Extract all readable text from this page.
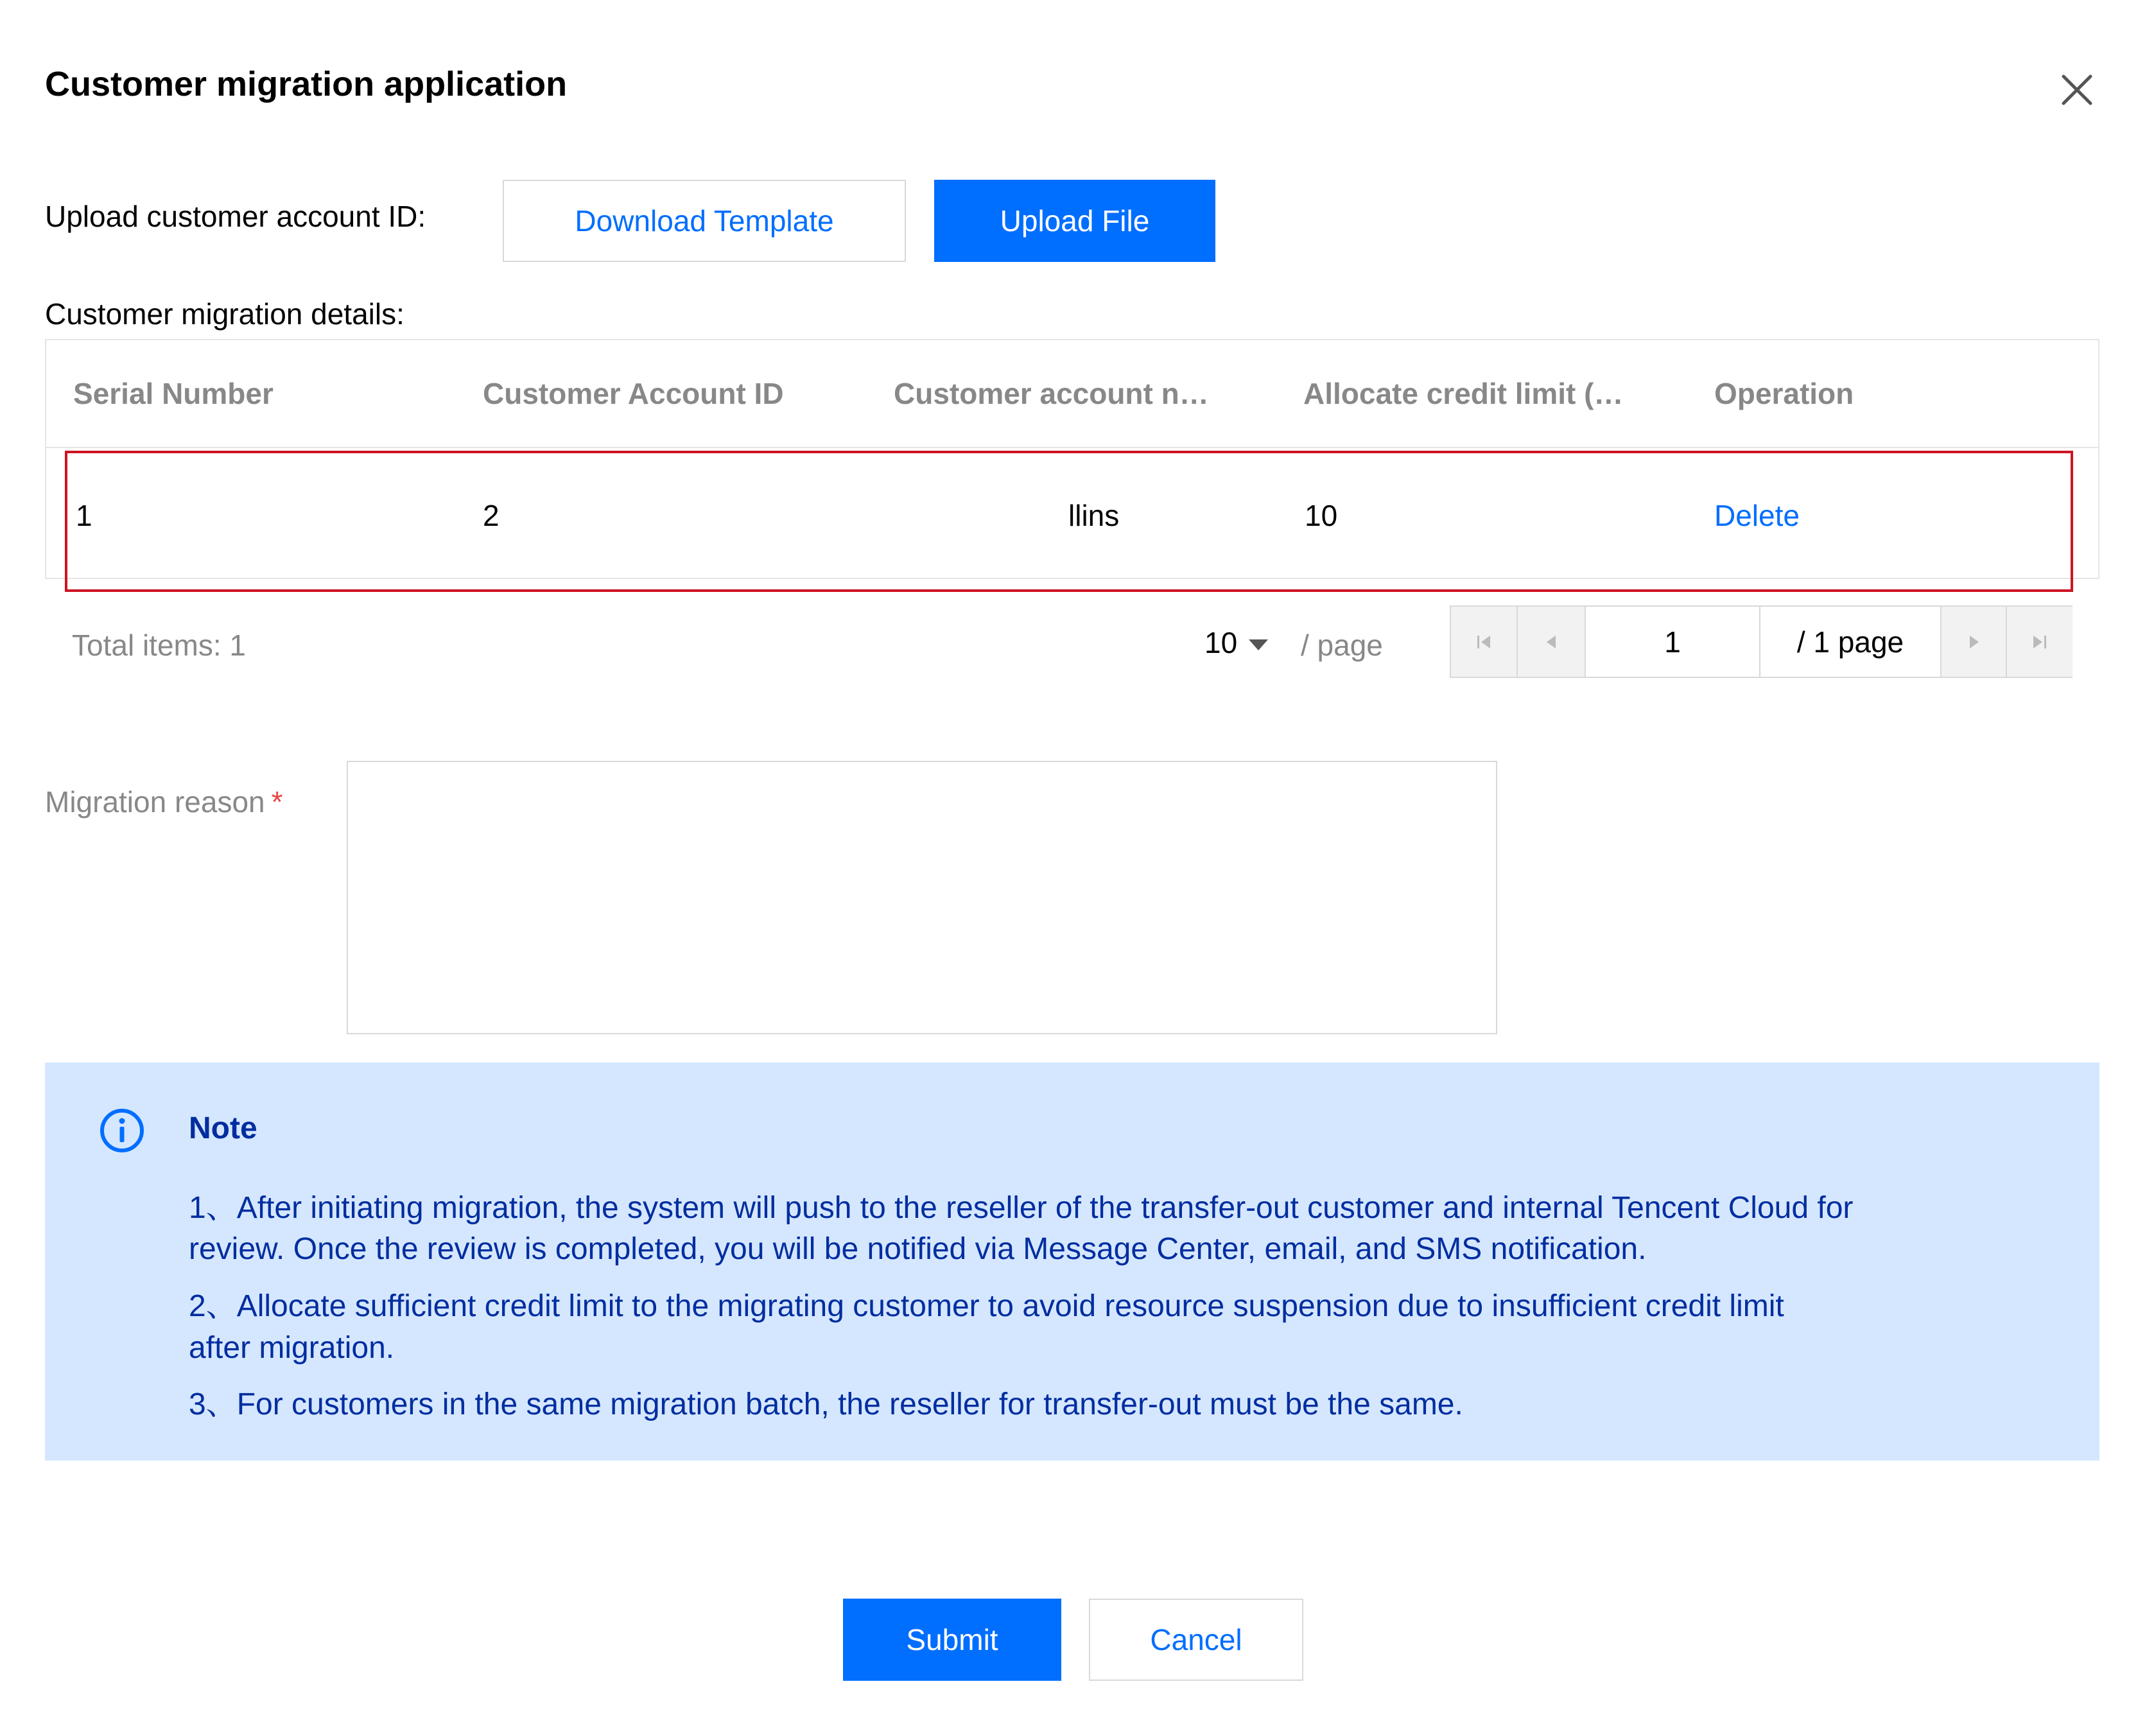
Customer migration application
Upload customer account ID:	Download Template	Upload File
Customer migration details:
Serial Number	Customer Account ID	Customer account n…	Allocate credit limit (…	Operation
1	2	llins	10	Delete
Total items: 1	10	/ page	1	/ 1 page
Migration reason *
Note
1、After initiating migration, the system will push to the reseller of the transfer-out customer and internal Tencent Cloud for
review. Once the review is completed, you will be notified via Message Center, email, and SMS notification.
2、Allocate sufficient credit limit to the migrating customer to avoid resource suspension due to insufficient credit limit
after migration.
3、For customers in the same migration batch, the reseller for transfer-out must be the same.
Submit	Cancel
